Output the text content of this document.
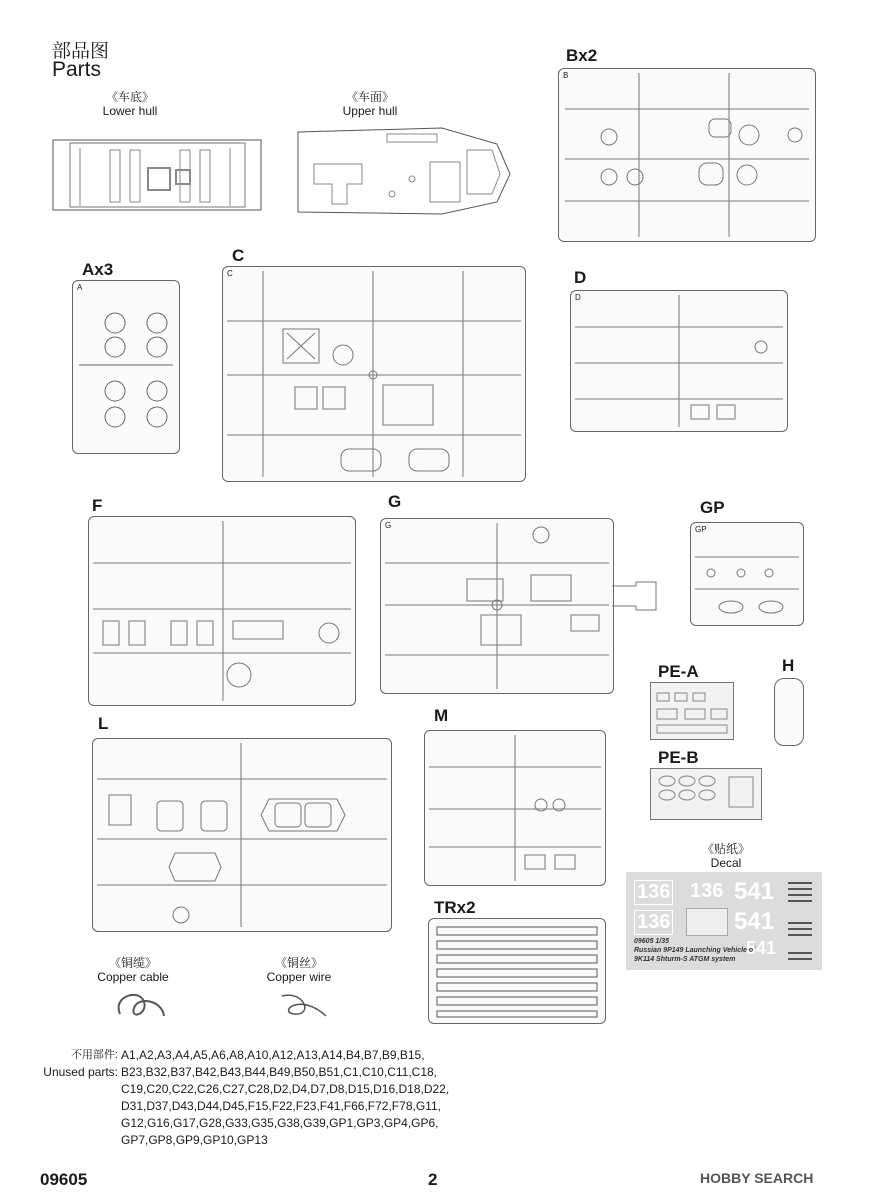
部品图
Parts
《车底》
Lower hull
《车面》
Upper hull
Bx2
B
Ax3
A
C
C	D
D
F	G
G
GP
GP
PE-A	H
PE-B
L	M
TRx2
《贴纸》
Decal
136 136 541
136	541
09605 1/35
Russian 9P149 Launching Vehicle of
9K114 Shturm-S ATGM system
541
《铜缆》
Copper cable
《铜丝》
Copper wire
不用部件:
Unused parts:
A1,A2,A3,A4,A5,A6,A8,A10,A12,A13,A14,B4,B7,B9,B15,
B23,B32,B37,B42,B43,B44,B49,B50,B51,C1,C10,C11,C18,
C19,C20,C22,C26,C27,C28,D2,D4,D7,D8,D15,D16,D18,D22,
D31,D37,D43,D44,D45,F15,F22,F23,F41,F66,F72,F78,G11,
G12,G16,G17,G28,G33,G35,G38,G39,GP1,GP3,GP4,GP6,
GP7,GP8,GP9,GP10,GP13
09605	2	HOBBY SEARCH
